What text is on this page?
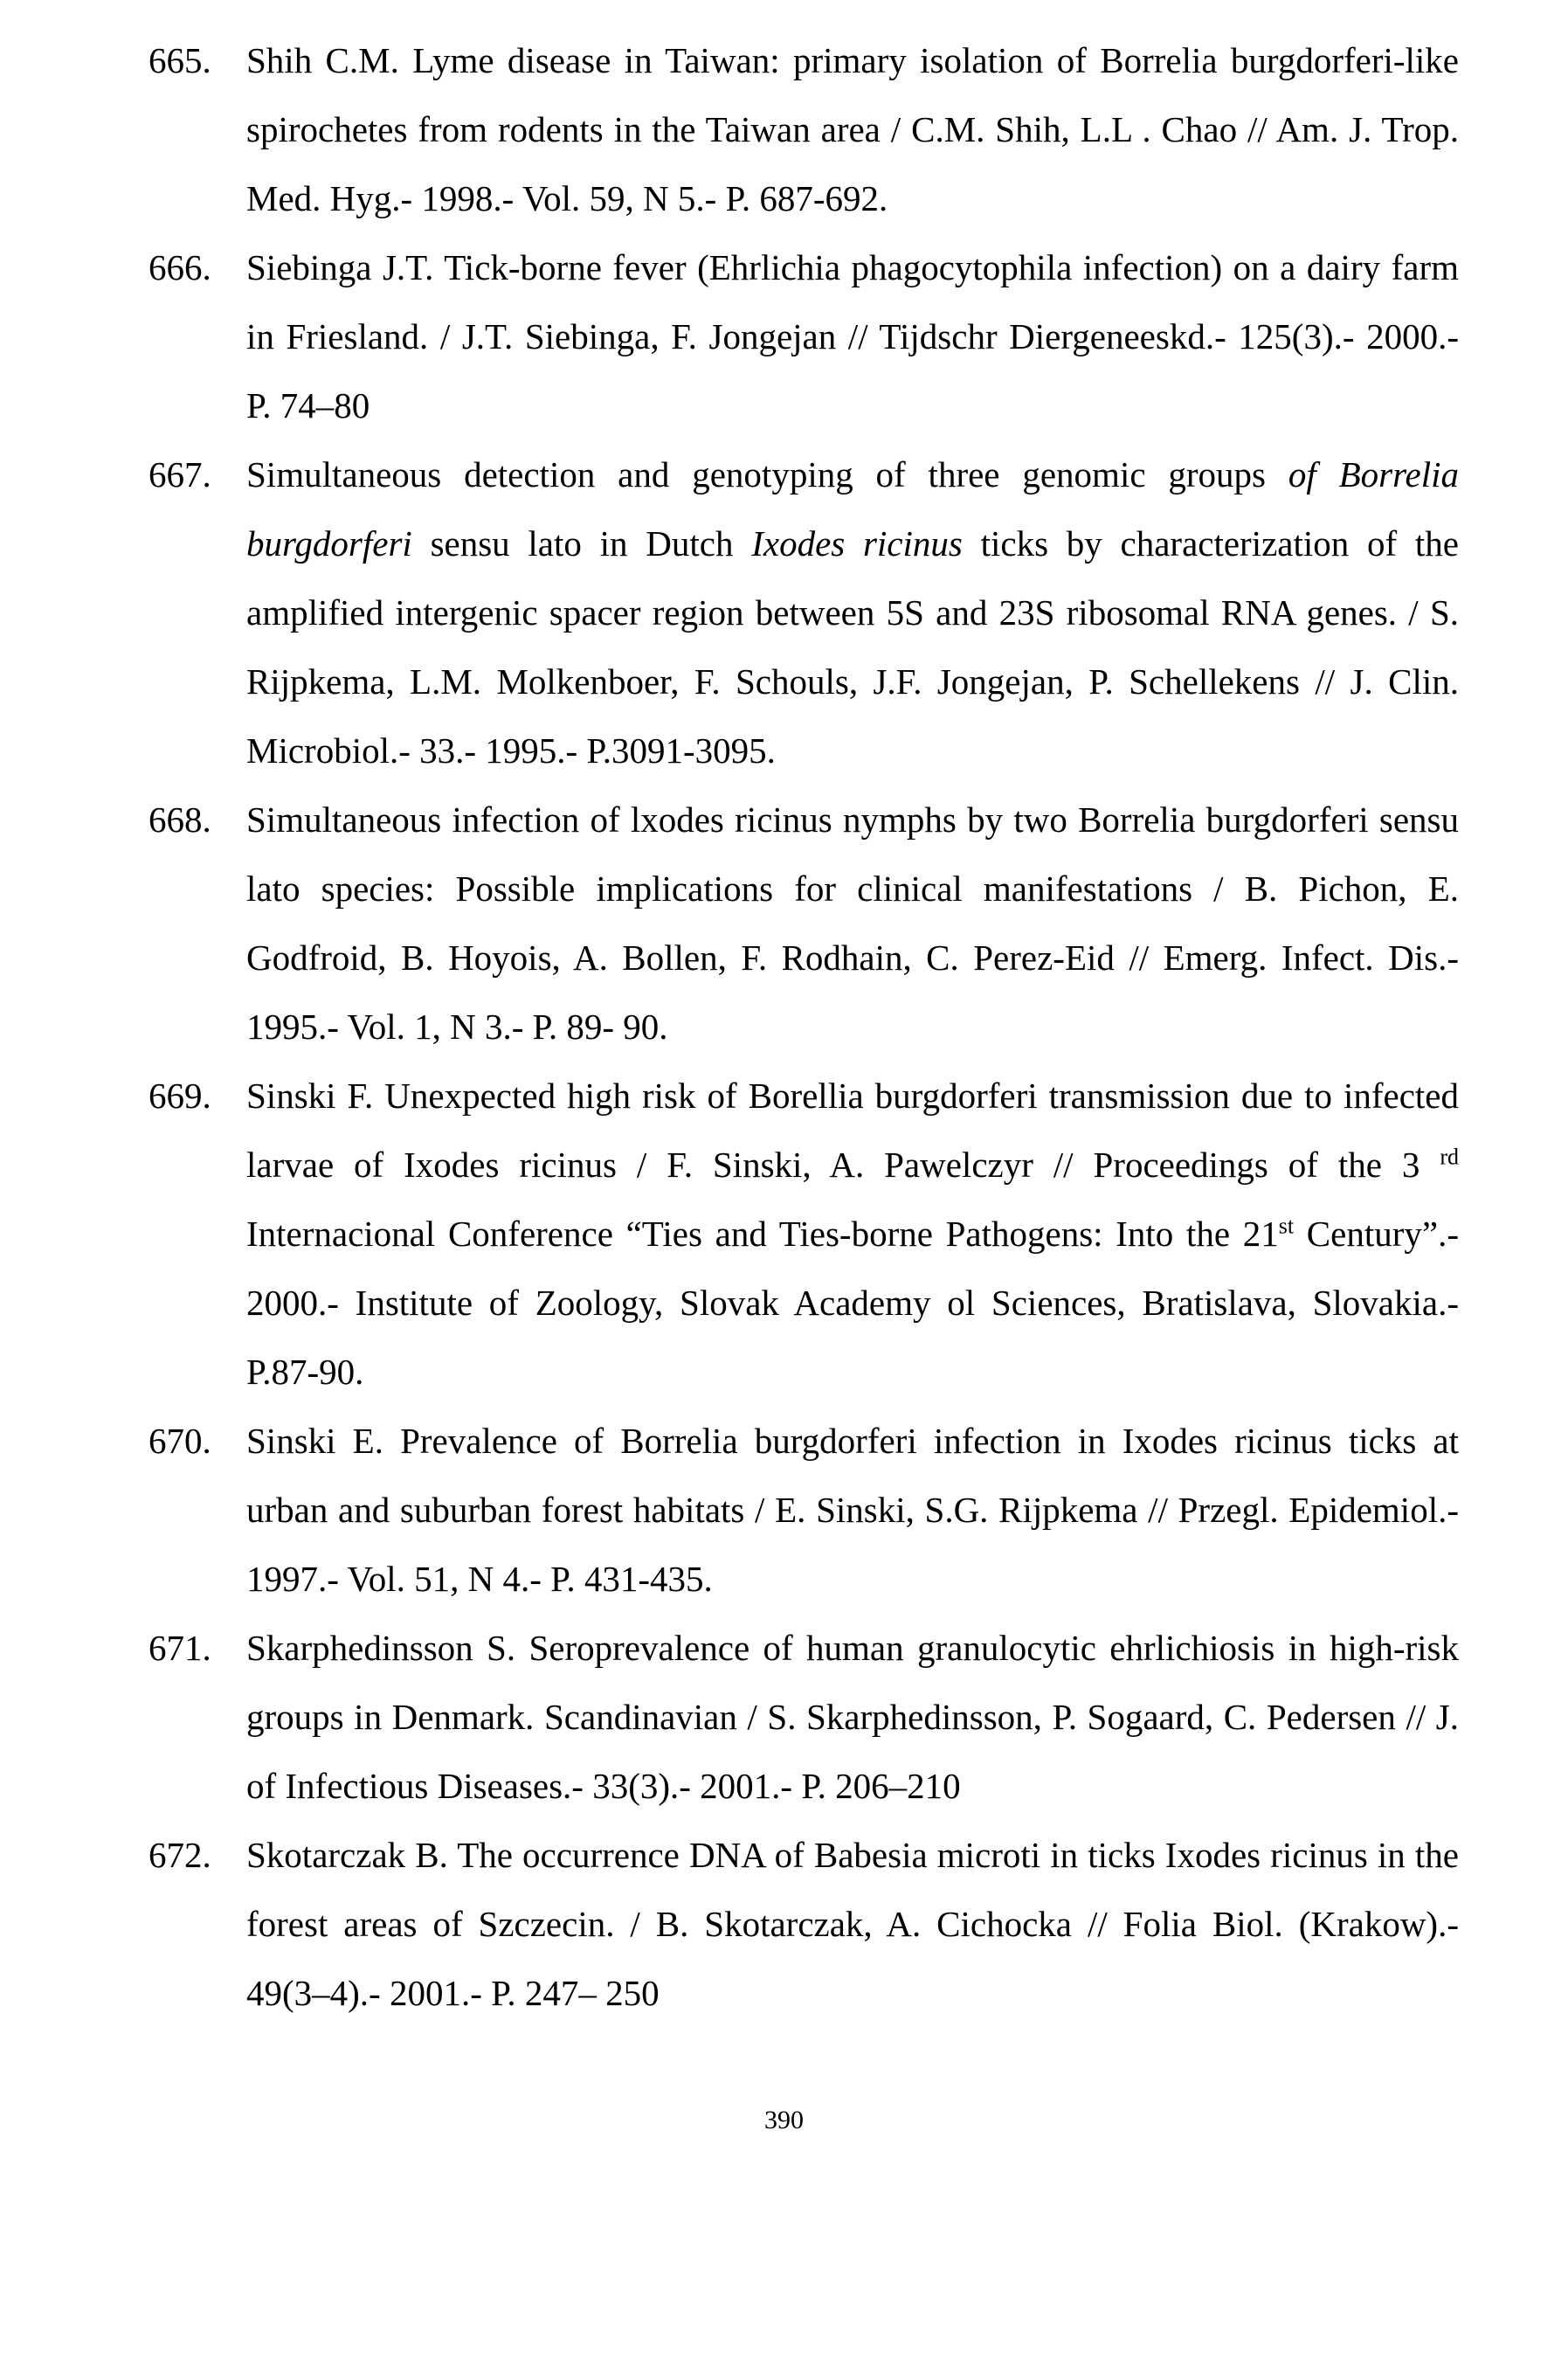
665. Shih C.M. Lyme disease in Taiwan: primary isolation of Borrelia burgdorferi-like spirochetes from rodents in the Taiwan area / C.M. Shih, L.L . Chao // Am. J. Trop. Med. Hyg.- 1998.- Vol. 59, N 5.- P. 687-692.
666. Siebinga J.T. Tick-borne fever (Ehrlichia phagocytophila infection) on a dairy farm in Friesland. / J.T. Siebinga, F. Jongejan // Tijdschr Diergeneeskd.- 125(3).- 2000.- P. 74–80
667. Simultaneous detection and genotyping of three genomic groups of Borrelia burgdorferi sensu lato in Dutch Ixodes ricinus ticks by characterization of the amplified intergenic spacer region between 5S and 23S ribosomal RNA genes. / S. Rijpkema, L.M. Molkenboer, F. Schouls, J.F. Jongejan, P. Schellekens // J. Clin. Microbiol.- 33.- 1995.- P.3091-3095.
668. Simultaneous infection of lxodes ricinus nymphs by two Borrelia burgdorferi sensu lato species: Possible implications for clinical manifestations / B. Pichon, E. Godfroid, B. Hoyois, A. Bollen, F. Rodhain, C. Perez-Eid // Emerg. Infect. Dis.- 1995.- Vol. 1, N 3.- P. 89- 90.
669. Sinski F. Unexpected high risk of Borellia burgdorferi transmission due to infected larvae of Ixodes ricinus / F. Sinski, A. Pawelczyr // Proceedings of the 3 $^{rd}$ Internacional Conference “Ties and Ties-borne Pathogens: Into the 21st Century”.- 2000.- Institute of Zoology, Slovak Academy ol Sciences, Bratislava, Slovakia.- P.87-90.
670. Sinski E. Prevalence of Borrelia burgdorferi infection in Ixodes ricinus ticks at urban and suburban forest habitats / E. Sinski, S.G. Rijpkema // Przegl. Epidemiol.- 1997.- Vol. 51, N 4.- P. 431-435.
671. Skarphedinsson S. Seroprevalence of human granulocytic ehrlichiosis in high-risk groups in Denmark. Scandinavian / S. Skarphedinsson, P. Sogaard, C. Pedersen // J. of Infectious Diseases.- 33(3).- 2001.- P. 206–210
672. Skotarczak B. The occurrence DNA of Babesia microti in ticks Ixodes ricinus in the forest areas of Szczecin. / B. Skotarczak, A. Cichocka // Folia Biol. (Krakow).- 49(3–4).- 2001.- P. 247– 250
390
